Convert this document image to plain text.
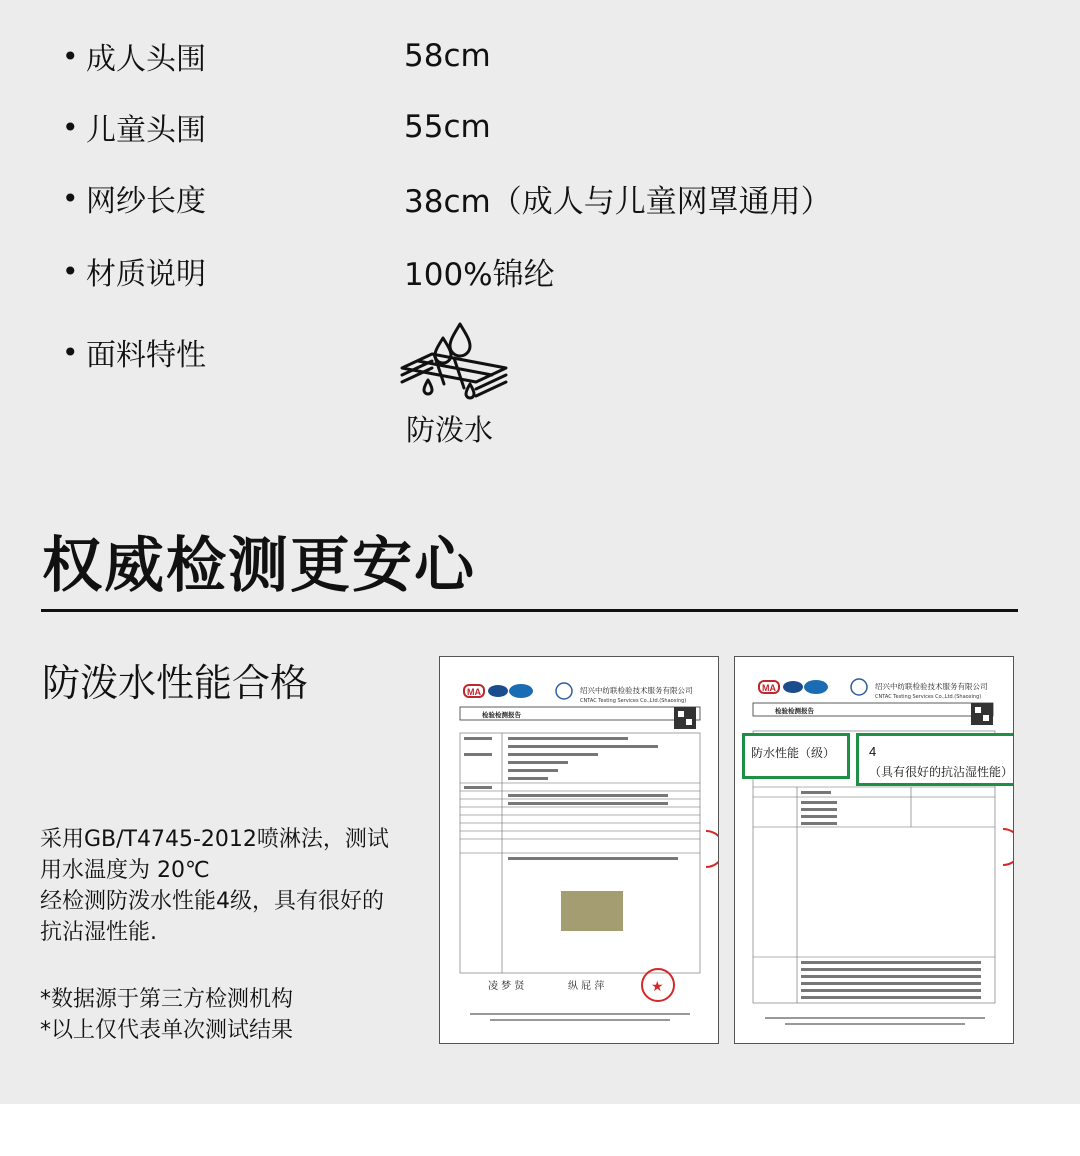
• 成人头围	58cm
• 儿童头围	55cm
• 网纱长度	38cm（成人与儿童网罩通用）
• 材质说明	100%锦纶
• 面料特性
防泼水
权威检测更安心
防泼水性能合格

采用GB/T4745-2012喷淋法，测试

用水温度为 20℃

经检测防泼水性能4级，具有很好的

抗沾湿性能.

*数据源于第三方检测机构

*以上仅代表单次测试结果

MA	绍兴中纺联检验技术服务有限公司
CNTAC Testing Services Co.,Ltd.(Shaoxing)
检验检测报告
凌 梦 贤	纵 屁 萍	★
MA	绍兴中纺联检验技术服务有限公司
CNTAC Testing Services Co.,Ltd.(Shaoxing)
检验检测报告
防水性能（级）	4
（具有很好的抗沾湿性能）
